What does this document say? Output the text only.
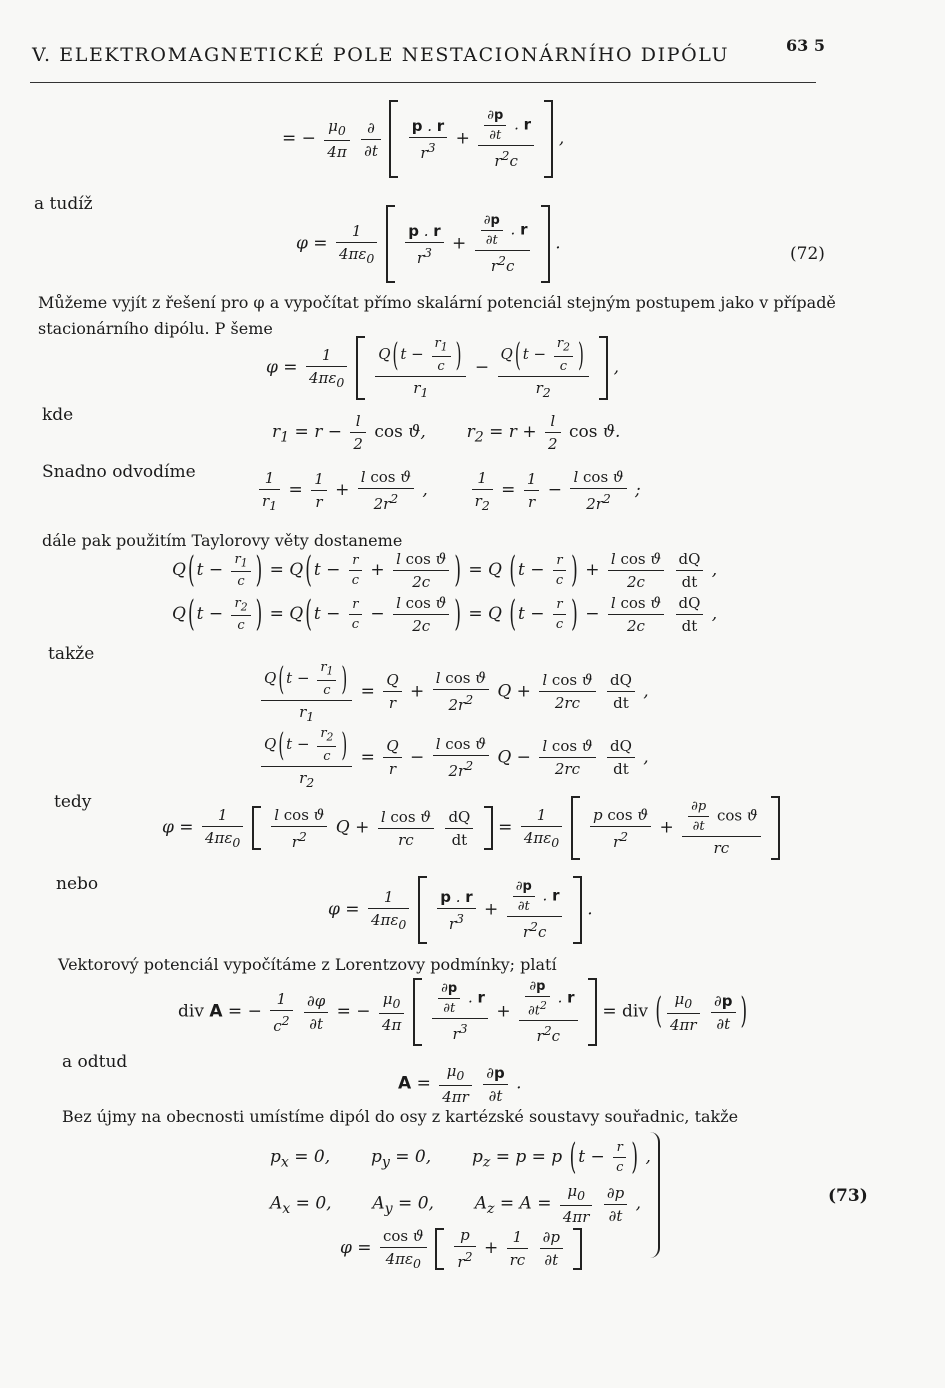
V. ELEKTROMAGNETICKÉ POLE NESTACIONÁRNÍHO DIPÓLU	63 5
= − $\frac{\mu_0}{4\pi}$
	∂
∂t
$\frac{p . r}{r^3} + \frac{\frac{\partial p}{\partial t} . r}{r^2c}$ ,
a tudíž
$\varphi = \frac{1}{4\pi\varepsilon_0}$
$\frac{p . r}{r^3} + \frac{\frac{\partial p}{\partial t} . r}{r^2c}$ .
(72)
Můžeme vyjít z řešení pro φ a vypočítat přímo skalární potenciál stejným postupem jako v případě stacionárního dipólu. P šeme
$\varphi = \frac{1}{4\pi\varepsilon_0}$
$\frac{Q ( t - \frac{r_1}{c} )}{r_1} - \frac{Q ( t - \frac{r_2}{c} )}{r_2}$ ,
kde
$r_1 = r - \frac{l}{2}$ cos ϑ,  $r_2 = r + \frac{l}{2}$ cos ϑ.
Snadno odvodíme	$\frac{1}{r_1} = \frac{1}{r} + \frac{\text{l cos ϑ}}{2r^2}$ ,	$\frac{1}{r_2} = \frac{1}{r} - \frac{\text{l cos ϑ}}{2r^2}$ ;
dále pak použitím Taylorovy věty dostaneme
Q ( $t - \frac{r_1}{c}$ ) = Q ( $t - \frac{r}{c} + \frac{\text{l cos ϑ}}{2c}$ ) = Q ( $t - \frac{r}{c}$ ) + $\frac{\text{l cos ϑ}}{2c}$
$\frac{dQ}{dt}$ ,
Q ( $t - \frac{r_2}{c}$ ) = Q ( $t - \frac{r}{c} - \frac{\text{l cos ϑ}}{2c}$ ) = Q ( $t - \frac{r}{c}$ ) − $\frac{\text{l cos ϑ}}{2c}$
$\frac{dQ}{dt}$ ,
takže
$\frac{Q ( t - \frac{r_1}{c} )}{r_1} = \frac{Q}{r} + \frac{\text{l cos ϑ}}{2r^2}$ $Q + \frac{\text{l cos ϑ}}{2rc}$
$\frac{dQ}{dt}$ ,
$\frac{Q ( t - \frac{r_2}{c} )}{r_2} = \frac{Q}{r} - \frac{\text{l cos ϑ}}{2r^2}$ $Q - \frac{\text{l cos ϑ}}{2rc}$
$\frac{dQ}{dt}$ ,
tedy
$\varphi = \frac{1}{4\pi\varepsilon_0}$
$\frac{\text{l cos ϑ}}{r^2}$ $Q + \frac{\text{l cos ϑ}}{rc}$
$\frac{dQ}{dt} = \frac{1}{4\pi\varepsilon_0}$
$\frac{\text{p cos ϑ}}{r^2} + \frac{\frac{\partial p}{\partial t} \cos ϑ}{rc}$

nebo
$\varphi = \frac{1}{4\pi\varepsilon_0}$
$\frac{p . r}{r^3} + \frac{\frac{\partial p}{\partial t} . r}{r^2c}$ .
Vektorový potenciál vypočítáme z Lorentzovy podmínky; platí
div A = − $\frac{1}{c^2}$
$\frac{\partial\varphi}{\partial t}$ = − $\frac{\mu_0}{4\pi}$
$\frac{\frac{\partial p}{\partial t} . r}{r^3} + \frac{\frac{\partial p}{\partial t^2} . r}{r^2c}$ = div ( $\frac{\mu_0}{4\pi r}$
$\frac{\partial p}{\partial t}$ )
a odtud
$A = \frac{\mu_0}{4\pi r}$
$\frac{\partial p}{\partial t}$ .
Bez újmy na obecnosti umístíme dipól do osy z kartézské soustavy souřadnic, takže
$p_x = 0$,  $p_y = 0$,  $p_z = p = p$ ( $t - \frac{r}{c}$ ) ,
$A_x = 0$,  $A_y = 0$,  $A_z = A = \frac{\mu_0}{4\pi r}$
$\frac{\partial p}{\partial t}$ ,
$\varphi = \frac{\text{cos ϑ}}{4\pi\varepsilon_0}$
$\frac{p}{r^2} + \frac{1}{rc}$
$\frac{\partial p}{\partial t}$

(73)
